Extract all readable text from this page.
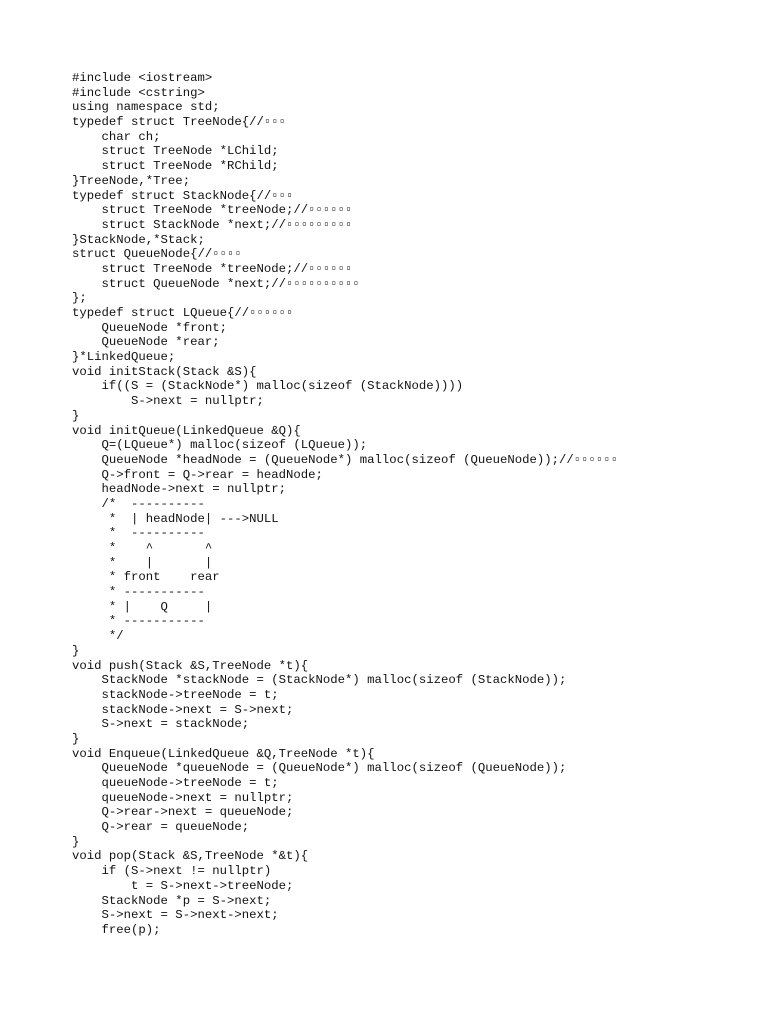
#include <iostream>
#include <cstring>
using namespace std;
typedef struct TreeNode{//▫▫▫
char ch;
struct TreeNode *LChild;
struct TreeNode *RChild;
}TreeNode,*Tree;
typedef struct StackNode{//▫▫▫
struct TreeNode *treeNode;//▫▫▫▫▫▫
struct StackNode *next;//▫▫▫▫▫▫▫▫▫
}StackNode,*Stack;
struct QueueNode{//▫▫▫▫
struct TreeNode *treeNode;//▫▫▫▫▫▫
struct QueueNode *next;//▫▫▫▫▫▫▫▫▫▫
};
typedef struct LQueue{//▫▫▫▫▫▫
QueueNode *front;
QueueNode *rear;
}*LinkedQueue;
void initStack(Stack &S){
if((S = (StackNode*) malloc(sizeof (StackNode))))
S->next = nullptr;
}
void initQueue(LinkedQueue &Q){
Q=(LQueue*) malloc(sizeof (LQueue));
QueueNode *headNode = (QueueNode*) malloc(sizeof (QueueNode));//▫▫▫▫▫▫
Q->front = Q->rear = headNode;
headNode->next = nullptr;
/*  ----------
*  | headNode| --->NULL
*  ----------
*    ^       ^
*    |       |
* front    rear
* -----------
* |    Q     |
* -----------
*/
}
void push(Stack &S,TreeNode *t){
StackNode *stackNode = (StackNode*) malloc(sizeof (StackNode));
stackNode->treeNode = t;
stackNode->next = S->next;
S->next = stackNode;
}
void Enqueue(LinkedQueue &Q,TreeNode *t){
QueueNode *queueNode = (QueueNode*) malloc(sizeof (QueueNode));
queueNode->treeNode = t;
queueNode->next = nullptr;
Q->rear->next = queueNode;
Q->rear = queueNode;
}
void pop(Stack &S,TreeNode *&t){
if (S->next != nullptr)
t = S->next->treeNode;
StackNode *p = S->next;
S->next = S->next->next;
free(p);
